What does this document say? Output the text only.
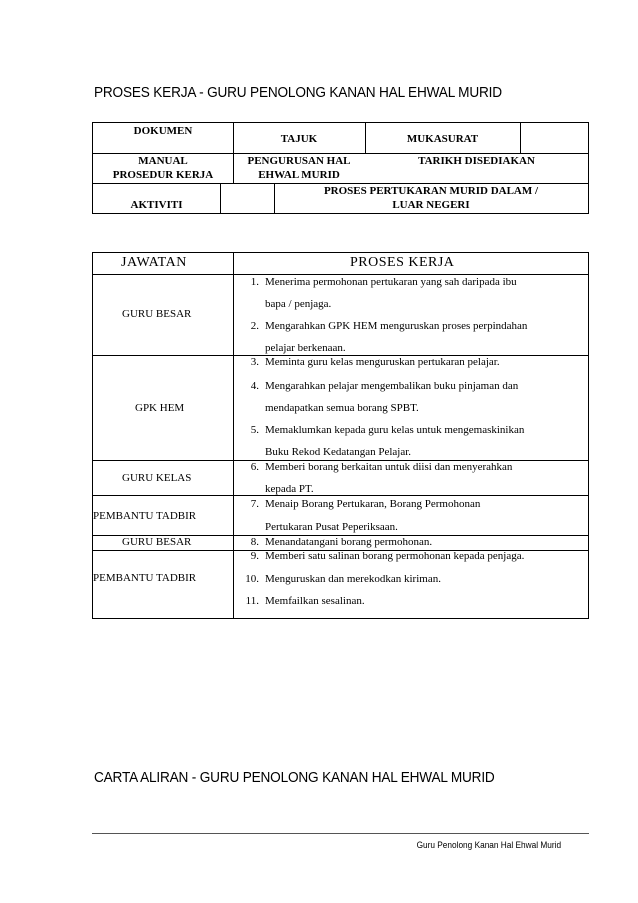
PROSES KERJA - GURU PENOLONG KANAN HAL EHWAL MURID
DOKUMEN
TAJUK	MUKASURAT
MANUAL
PROSEDUR KERJA
PENGURUSAN HAL
EHWAL MURID
TARIKH DISEDIAKAN
AKTIVITI
PROSES PERTUKARAN MURID DALAM /
LUAR NEGERI
JAWATAN	PROSES KERJA
GURU BESAR
GPK HEM
GURU KELAS
PEMBANTU TADBIR
GURU BESAR
PEMBANTU TADBIR
1. Menerima permohonan pertukaran yang sah daripada ibu
bapa / penjaga.
2. Mengarahkan GPK HEM menguruskan proses perpindahan
pelajar berkenaan.
3. Meminta guru kelas menguruskan pertukaran pelajar.
4. Mengarahkan pelajar mengembalikan buku pinjaman dan
mendapatkan semua borang SPBT.
5. Memaklumkan kepada guru kelas untuk mengemaskinikan
Buku Rekod Kedatangan Pelajar.
6. Memberi borang berkaitan untuk diisi dan menyerahkan
kepada PT.
7. Menaip Borang Pertukaran, Borang Permohonan
Pertukaran Pusat Peperiksaan.
8. Menandatangani borang permohonan.
9. Memberi satu salinan borang permohonan kepada penjaga.
10. Menguruskan dan merekodkan kiriman.
11. Memfailkan sesalinan.
CARTA ALIRAN - GURU PENOLONG KANAN HAL EHWAL MURID
Guru Penolong Kanan Hal Ehwal Murid
